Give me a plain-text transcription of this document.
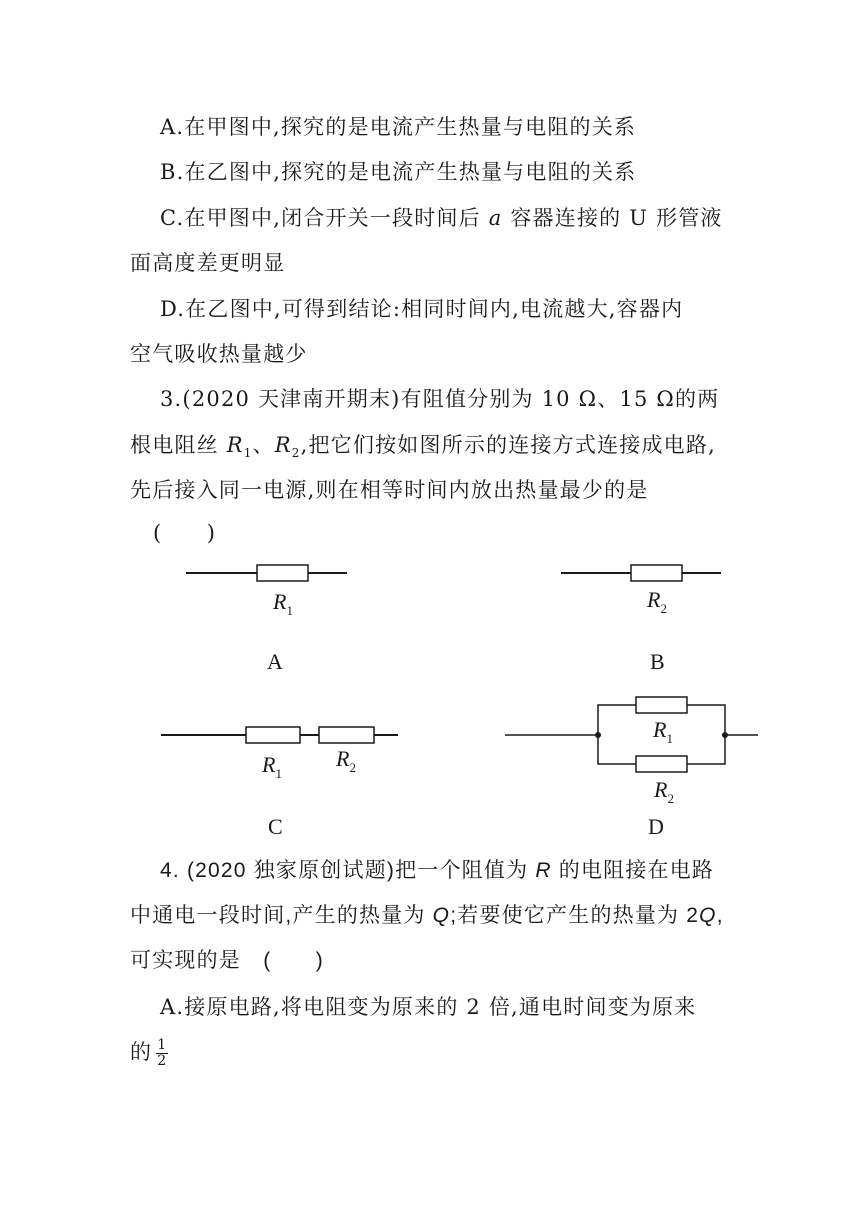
A.在甲图中,探究的是电流产生热量与电阻的关系

B.在乙图中,探究的是电流产生热量与电阻的关系

C.在甲图中,闭合开关一段时间后 a 容器连接的 U 形管液

面高度差更明显

D.在乙图中,可得到结论:相同时间内,电流越大,容器内

空气吸收热量越少

3.(2020 天津南开期末)有阻值分别为 10 Ω、15 Ω的两

根电阻丝 $R_1$、$R_2$,把它们按如图所示的连接方式连接成电路,

先后接入同一电源,则在相等时间内放出热量最少的是

(　　)

$R_1$
A
$R_2$
B
$R_1$
$R_2$
C
$R_1$
$R_2$
D

4. (2020 独家原创试题)把一个阻值为 R 的电阻接在电路

中通电一段时间,产生的热量为 Q;若要使它产生的热量为 2Q,

可实现的是　(　　)

A.接原电路,将电阻变为原来的 2 倍,通电时间变为原来

的 $\frac{1}{2}$
